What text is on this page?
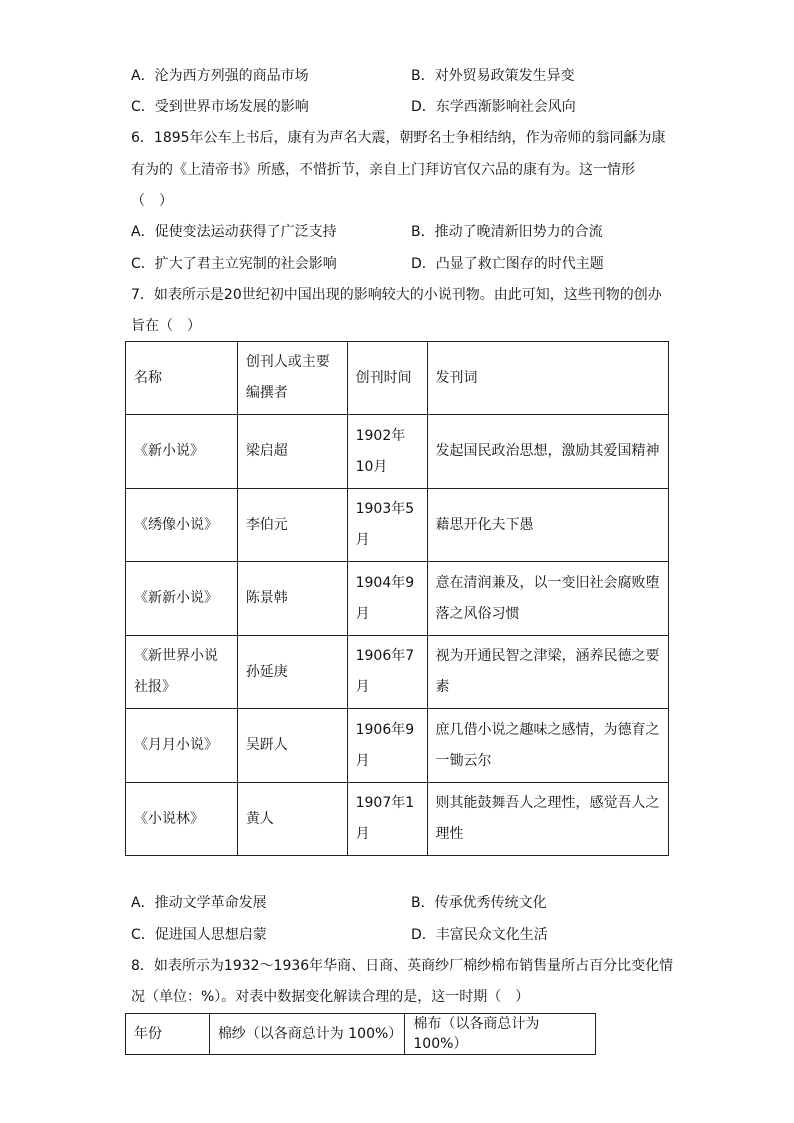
A．沦为西方列强的商品市场	B．对外贸易政策发生异变
C．受到世界市场发展的影响	D．东学西渐影响社会风向
6．1895年公车上书后，康有为声名大震，朝野名士争相结纳，作为帝师的翁同龢为康
有为的《上清帝书》所感，不惜折节，亲自上门拜访官仅六品的康有为。这一情形
（　）
A．促使变法运动获得了广泛支持	B．推动了晚清新旧势力的合流
C．扩大了君主立宪制的社会影响	D．凸显了救亡图存的时代主题
7．如表所示是20世纪初中国出现的影响较大的小说刊物。由此可知，这些刊物的创办
旨在（　）
名称	创刊人或主要编撰者	创刊时间	发刊词
《新小说》	梁启超	1902年10月	发起国民政治思想，激励其爱国精神
《绣像小说》	李伯元	1903年5月	藉思开化夫下愚
《新新小说》	陈景韩	1904年9月	意在清润兼及，以一变旧社会腐败堕落之风俗习惯
《新世界小说社报》	孙延庚	1906年7月	视为开通民智之津梁，涵养民德之要素
《月月小说》	吴趼人	1906年9月	庶几借小说之趣味之感情，为德育之一锄云尔
《小说林》	黄人	1907年1月	则其能鼓舞吾人之理性，感觉吾人之理性
A．推动文学革命发展	B．传承优秀传统文化
C．促进国人思想启蒙	D．丰富民众文化生活
8．如表所示为1932～1936年华商、日商、英商纱厂棉纱棉布销售量所占百分比变化情
况（单位：%）。对表中数据变化解读合理的是，这一时期（　）
年份	棉纱（以各商总计为 100%）	棉布（以各商总计为 100%）
